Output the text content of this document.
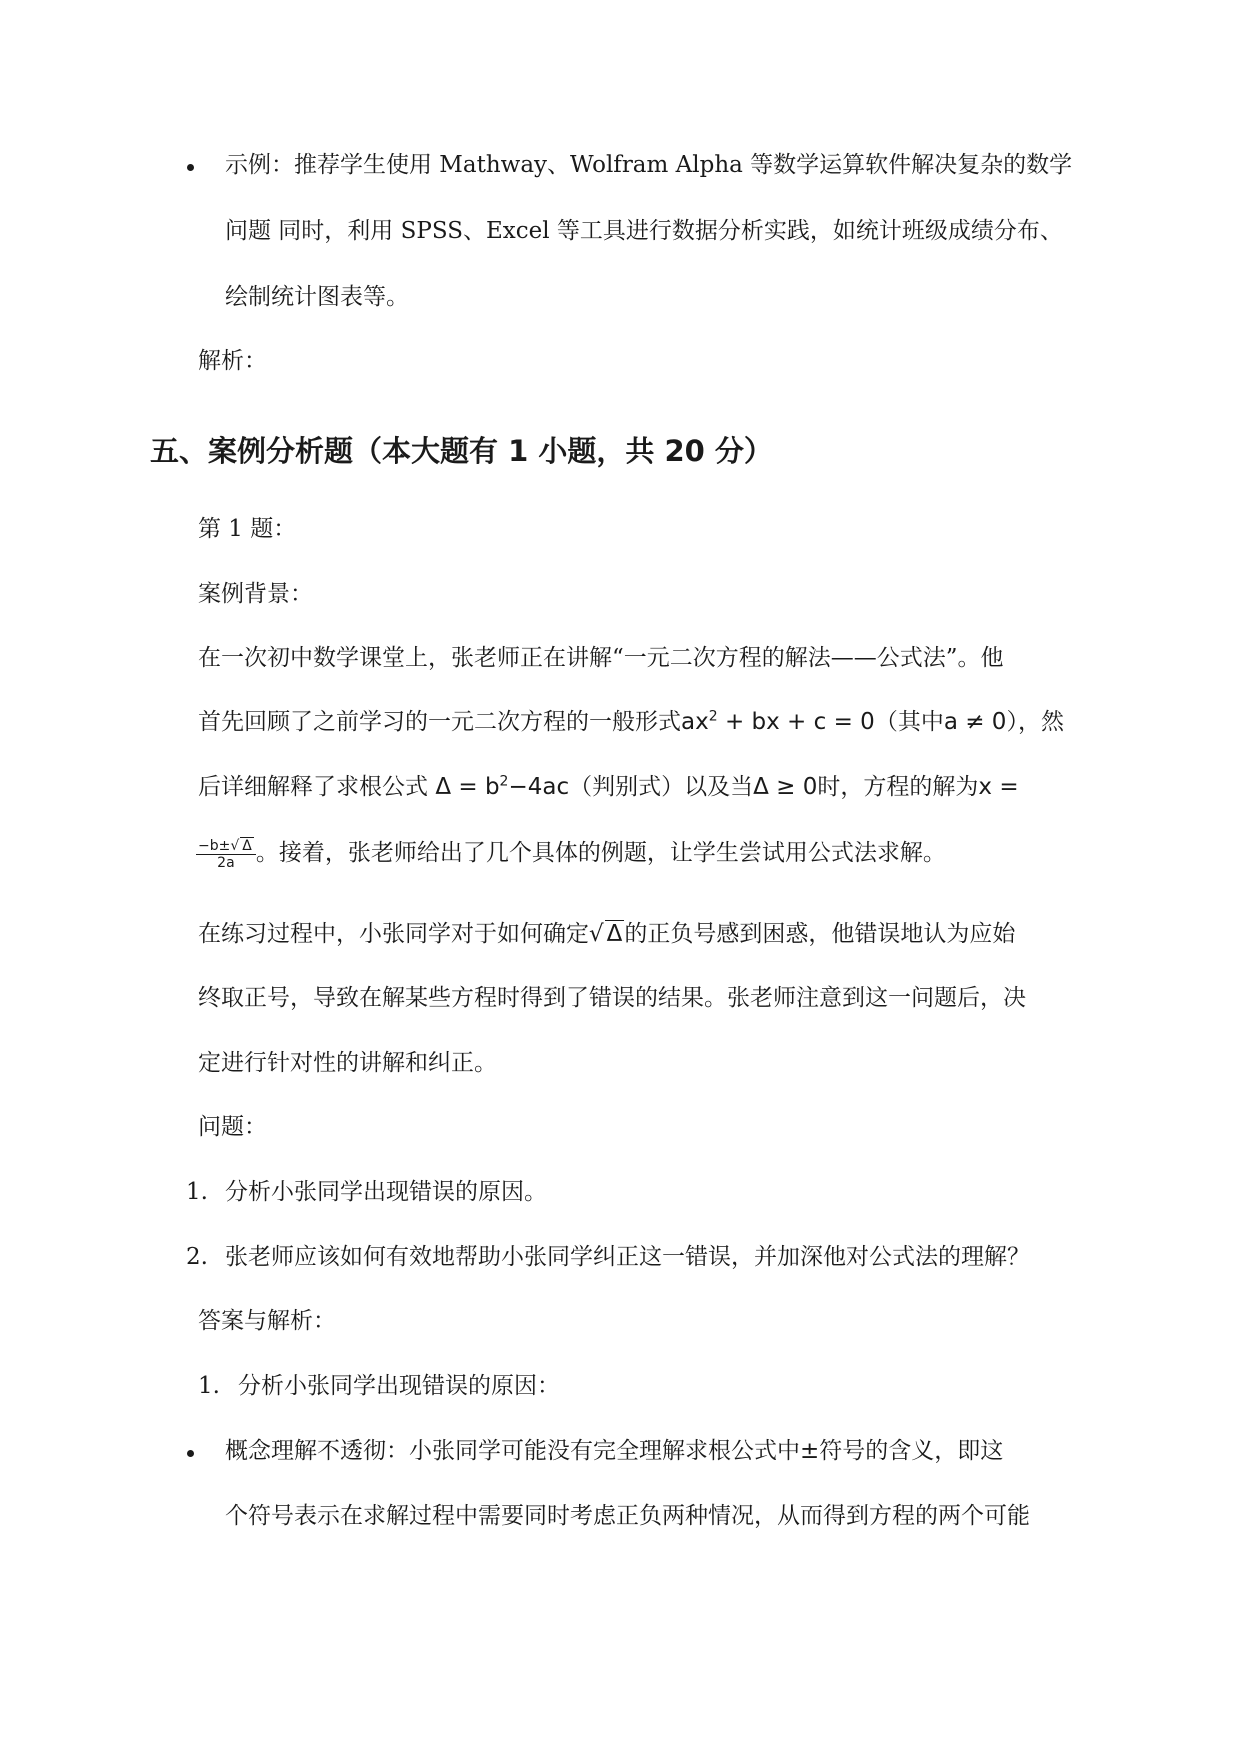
示例：推荐学生使用 Mathway、Wolfram Alpha 等数学运算软件解决复杂的数学
问题 同时，利用 SPSS、Excel 等工具进行数据分析实践，如统计班级成绩分布、
绘制统计图表等。
解析：
五、案例分析题（本大题有 1 小题，共 20 分）
第 1 题：
案例背景：
在一次初中数学课堂上，张老师正在讲解“一元二次方程的解法——公式法”。他
首先回顾了之前学习的一元二次方程的一般形式$ax^2$ + bx + c = 0（其中a ≠ 0），然
后详细解释了求根公式 $\Delta = b^2-4ac$（判别式）以及当Δ ≥ 0时，方程的解为x =
$\frac{-b\pm√ \Delta}{2a}$ 。接着，张老师给出了几个具体的例题，让学生尝试用公式法求解。
在练习过程中，小张同学对于如何确定√ Δ的正负号感到困惑，他错误地认为应始
终取正号，导致在解某些方程时得到了错误的结果。张老师注意到这一问题后，决
定进行针对性的讲解和纠正。
问题：
1. 分析小张同学出现错误的原因。
2. 张老师应该如何有效地帮助小张同学纠正这一错误，并加深他对公式法的理解？
答案与解析：
1. 分析小张同学出现错误的原因：
概念理解不透彻：小张同学可能没有完全理解求根公式中±符号的含义，即这
个符号表示在求解过程中需要同时考虑正负两种情况，从而得到方程的两个可能
